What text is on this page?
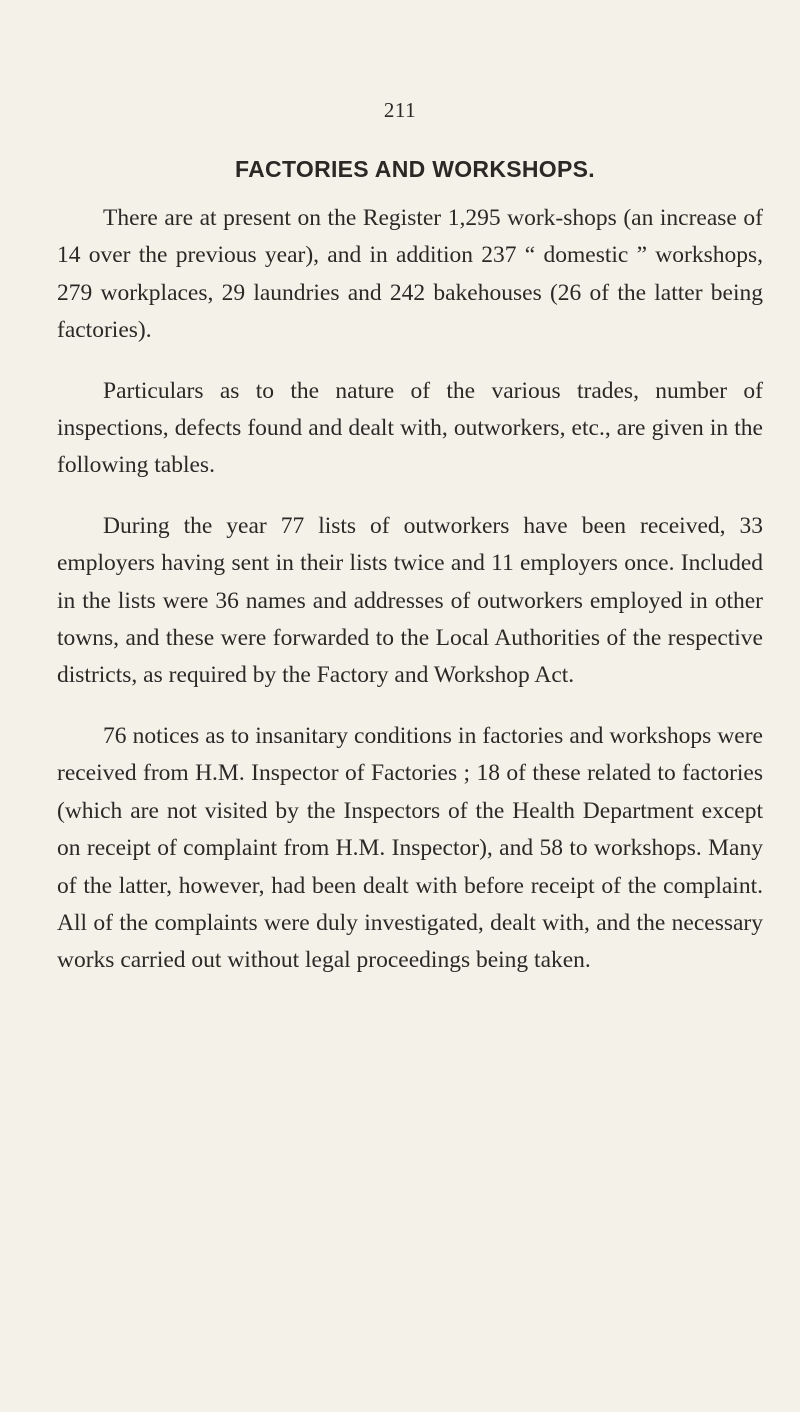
211
FACTORIES AND WORKSHOPS.

There are at present on the Register 1,295 work-shops (an increase of 14 over the previous year), and in addition 237 “ domestic ” workshops, 279 workplaces, 29 laundries and 242 bakehouses (26 of the latter being factories).

Particulars as to the nature of the various trades, number of inspections, defects found and dealt with, outworkers, etc., are given in the following tables.

During the year 77 lists of outworkers have been received, 33 employers having sent in their lists twice and 11 employers once. Included in the lists were 36 names and addresses of outworkers employed in other towns, and these were forwarded to the Local Authorities of the respective districts, as required by the Factory and Workshop Act.

76 notices as to insanitary conditions in factories and workshops were received from H.M. Inspector of Factories ; 18 of these related to factories (which are not visited by the Inspectors of the Health Department except on receipt of complaint from H.M. Inspector), and 58 to workshops. Many of the latter, however, had been dealt with before receipt of the complaint. All of the complaints were duly investigated, dealt with, and the necessary works carried out without legal proceedings being taken.
